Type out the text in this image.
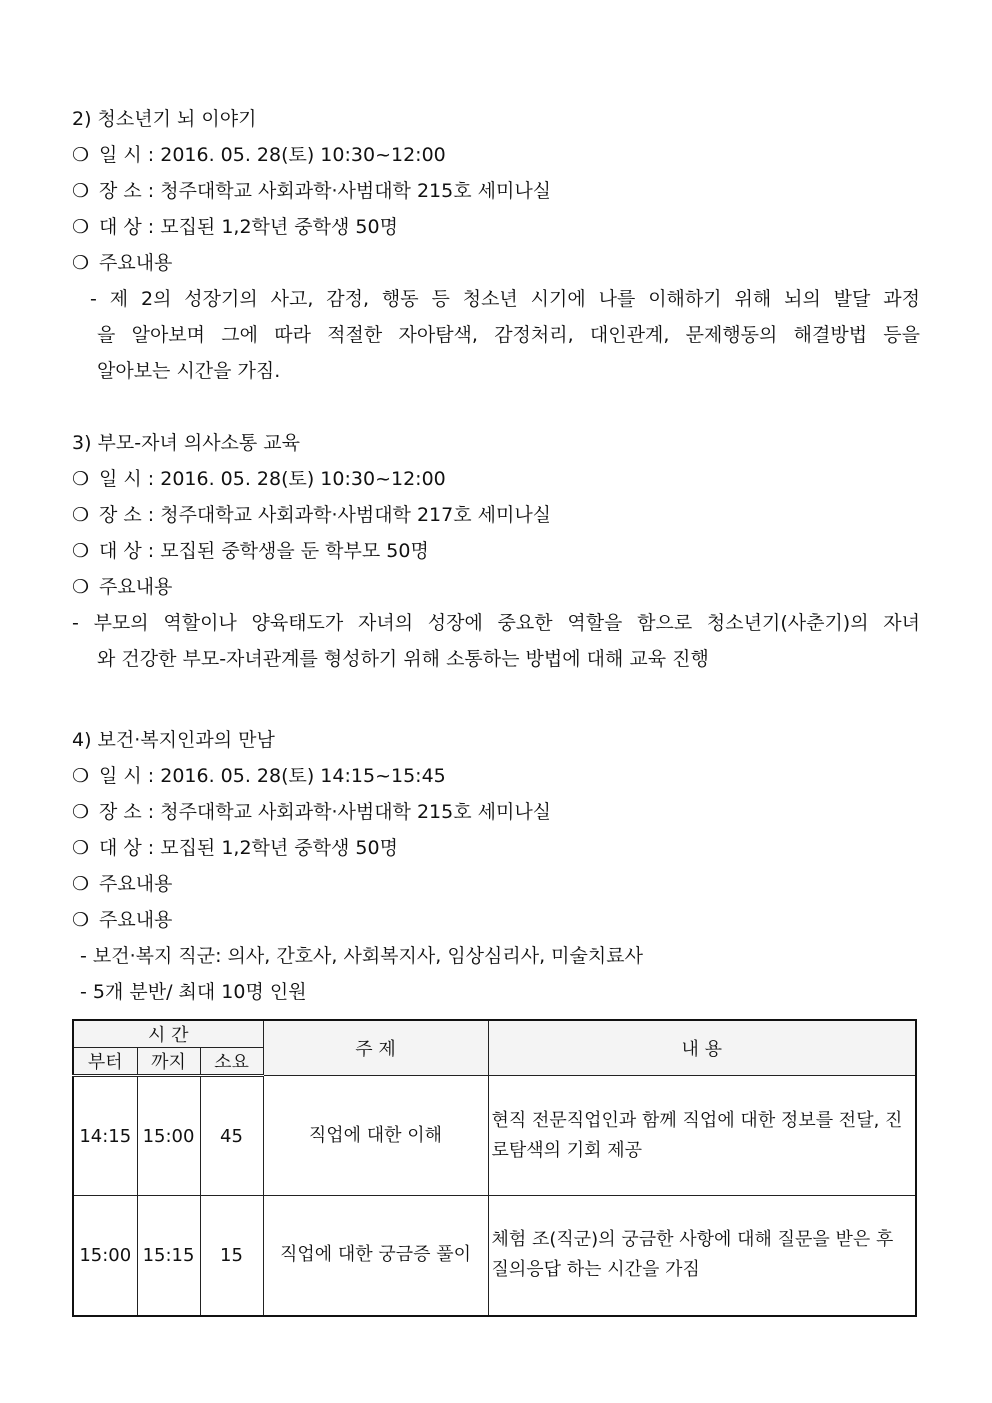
2) 청소년기 뇌 이야기
❍ 일 시 : 2016. 05. 28(토) 10:30~12:00
❍ 장 소 : 청주대학교 사회과학·사범대학 215호 세미나실
❍ 대 상 : 모집된 1,2학년 중학생 50명
❍ 주요내용
- 제 2의 성장기의 사고, 감정, 행동 등 청소년 시기에 나를 이해하기 위해 뇌의 발달 과정
을 알아보며 그에 따라 적절한 자아탐색, 감정처리, 대인관계, 문제행동의 해결방법 등을
알아보는 시간을 가짐.
3) 부모-자녀 의사소통 교육
❍ 일 시 : 2016. 05. 28(토) 10:30~12:00
❍ 장 소 : 청주대학교 사회과학·사범대학 217호 세미나실
❍ 대 상 : 모집된 중학생을 둔 학부모 50명
❍ 주요내용
- 부모의 역할이나 양육태도가 자녀의 성장에 중요한 역할을 함으로 청소년기(사춘기)의 자녀
와 건강한 부모-자녀관계를 형성하기 위해 소통하는 방법에 대해 교육 진행
4) 보건·복지인과의 만남
❍ 일 시 : 2016. 05. 28(토) 14:15~15:45
❍ 장 소 : 청주대학교 사회과학·사범대학 215호 세미나실
❍ 대 상 : 모집된 1,2학년 중학생 50명
❍ 주요내용
❍ 주요내용
- 보건·복지 직군: 의사, 간호사, 사회복지사, 임상심리사, 미술치료사
- 5개 분반/ 최대 10명 인원
시 간			주 제	내 용
부터	까지	소요		
14:15	15:00	45	직업에 대한 이해	현직 전문직업인과 함께 직업에 대한 정보를 전달, 진로탐색의 기회 제공
15:00	15:15	15	직업에 대한 궁금증 풀이	체험 조(직군)의 궁금한 사항에 대해 질문을 받은 후 질의응답 하는 시간을 가짐
